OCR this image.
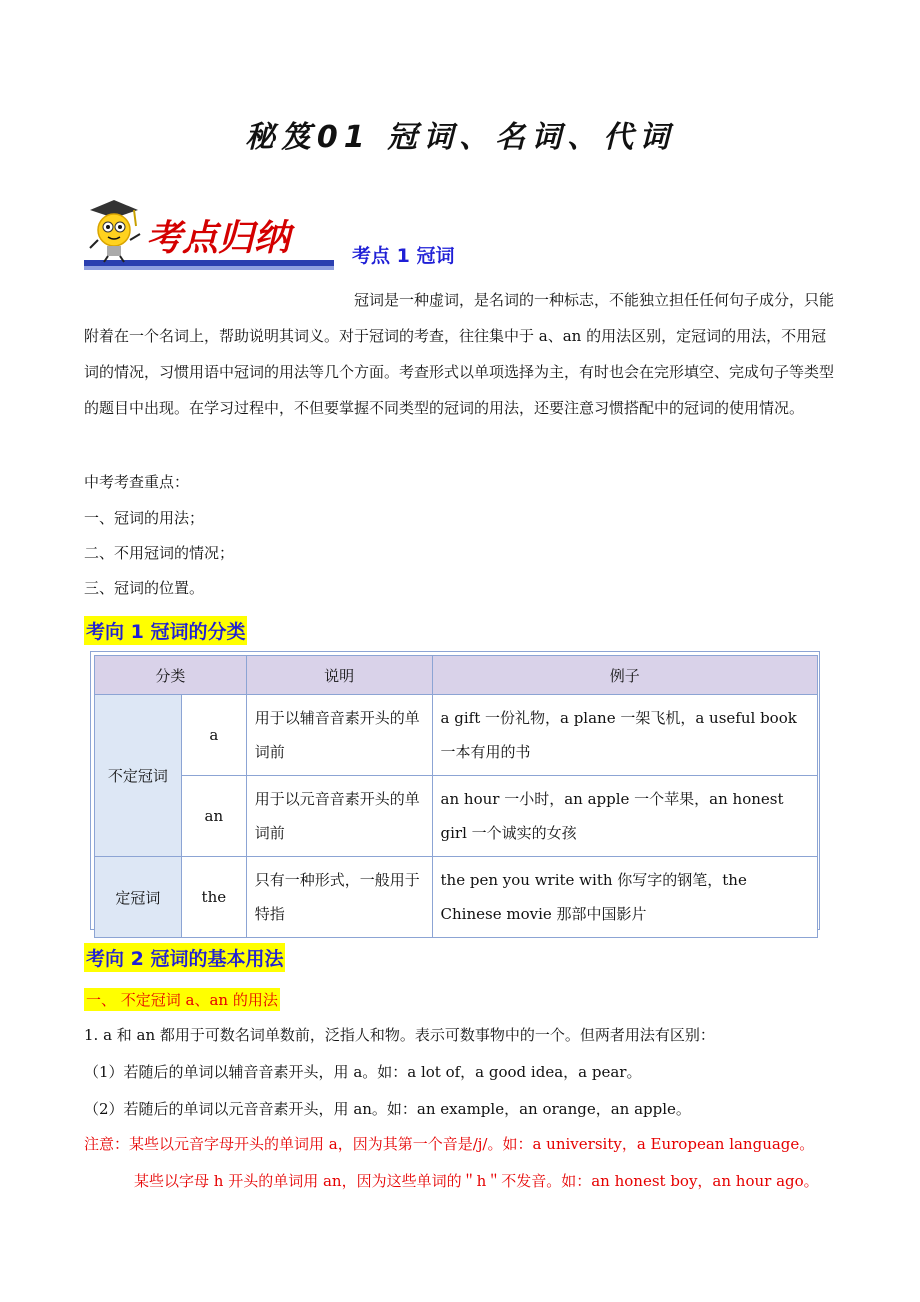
秘笈01 冠词、名词、代词
考点归纳	考点 1 冠词
冠词是一种虚词，是名词的一种标志，不能独立担任任何句子成分，只能附着在一个名词上，帮助说明其词义。对于冠词的考查，往往集中于 a、an 的用法区别，定冠词的用法，不用冠词的情况，习惯用语中冠词的用法等几个方面。考查形式以单项选择为主，有时也会在完形填空、完成句子等类型的题目中出现。在学习过程中，不但要掌握不同类型的冠词的用法，还要注意习惯搭配中的冠词的使用情况。
中考考查重点：
一、冠词的用法；
二、不用冠词的情况；
三、冠词的位置。
考向 1 冠词的分类
分类		说明	例子
不定冠词	a	用于以辅音音素开头的单词前	a gift 一份礼物，a plane 一架飞机，a useful book 一本有用的书
	an	用于以元音音素开头的单词前	an hour 一小时，an apple 一个苹果，an honest girl 一个诚实的女孩
定冠词	the	只有一种形式，一般用于特指	the pen you write with 你写字的钢笔，the Chinese movie 那部中国影片
考向 2 冠词的基本用法
一、 不定冠词 a、an 的用法
1. a 和 an 都用于可数名词单数前，泛指人和物。表示可数事物中的一个。但两者用法有区别：
（1）若随后的单词以辅音音素开头，用 a。如：a lot of，a good idea，a pear。
（2）若随后的单词以元音音素开头，用 an。如：an example，an orange，an apple。
注意：某些以元音字母开头的单词用 a，因为其第一个音是/j/。如：a university，a European language。
某些以字母 h 开头的单词用 an，因为这些单词的＂h＂不发音。如：an honest boy，an hour ago。
